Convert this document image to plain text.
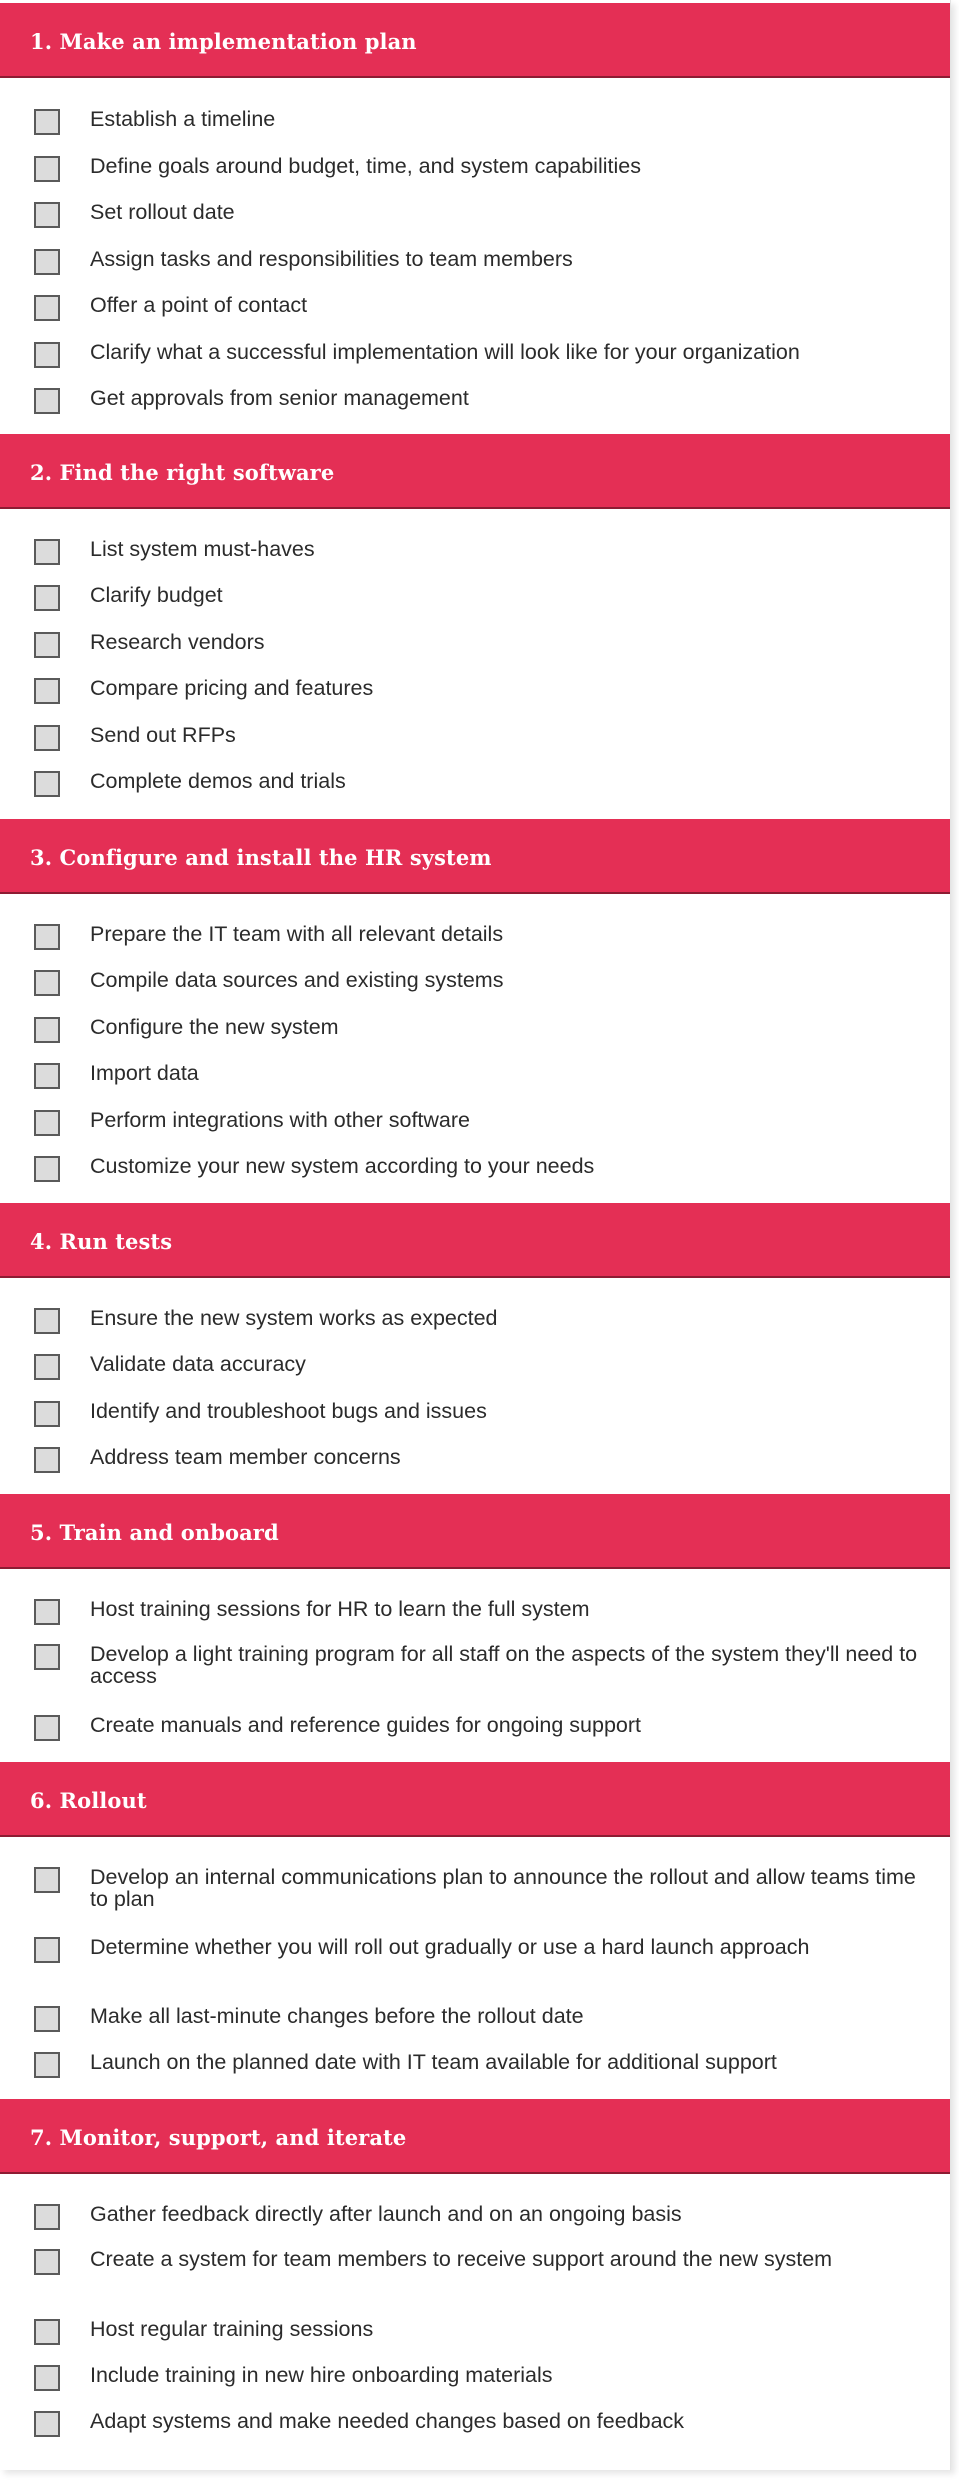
1. Make an implementation plan
Establish a timeline
Define goals around budget, time, and system capabilities
Set rollout date
Assign tasks and responsibilities to team members
Offer a point of contact
Clarify what a successful implementation will look like for your organization
Get approvals from senior management
2. Find the right software
List system must-haves
Clarify budget
Research vendors
Compare pricing and features
Send out RFPs
Complete demos and trials
3. Configure and install the HR system
Prepare the IT team with all relevant details
Compile data sources and existing systems
Configure the new system
Import data
Perform integrations with other software
Customize your new system according to your needs
4. Run tests
Ensure the new system works as expected
Validate data accuracy
Identify and troubleshoot bugs and issues
Address team member concerns
5. Train and onboard
Host training sessions for HR to learn the full system
Develop a light training program for all staff on the aspects of the system they'll need to access
Create manuals and reference guides for ongoing support
6. Rollout
Develop an internal communications plan to announce the rollout and allow teams time to plan
Determine whether you will roll out gradually or use a hard launch approach
Make all last-minute changes before the rollout date
Launch on the planned date with IT team available for additional support
7. Monitor, support, and iterate
Gather feedback directly after launch and on an ongoing basis
Create a system for team members to receive support around the new system
Host regular training sessions
Include training in new hire onboarding materials
Adapt systems and make needed changes based on feedback
